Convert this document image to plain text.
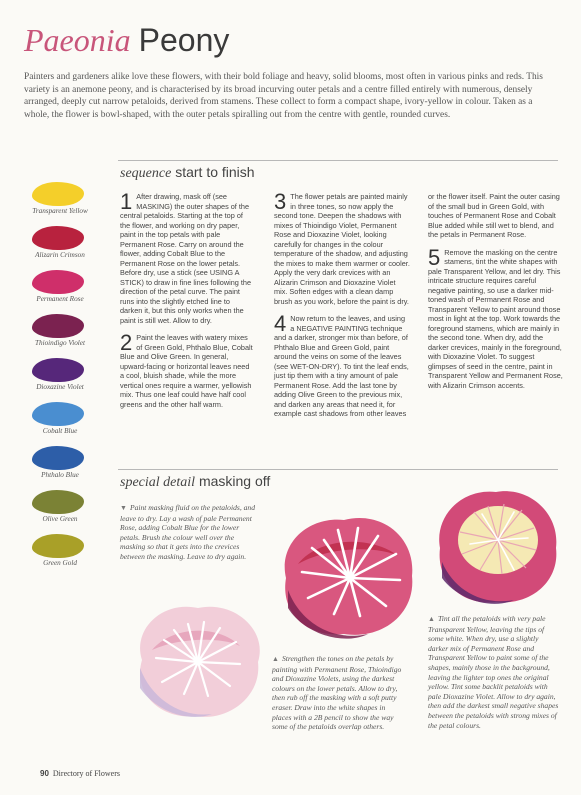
Paeonia Peony
Painters and gardeners alike love these flowers, with their bold foliage and heavy, solid blooms, most often in various pinks and reds. This variety is an anemone peony, and is characterised by its broad incurving outer petals and a centre filled entirely with numerous, densely arranged, deeply cut narrow petaloids, derived from stamens. These collect to form a compact shape, ivory-yellow in colour. Taken as a whole, the flower is bowl-shaped, with the outer petals spiralling out from the centre with gentle, rounded curves.
sequence start to finish
Transparent Yellow
Alizarin Crimson
Permanent Rose
Thioindigo Violet
Dioxazine Violet
Cobalt Blue
Phthalo Blue
Olive Green
Green Gold

1 After drawing, mask off (see MASKING) the outer shapes of the central petaloids. Starting at the top of the flower, and working on dry paper, paint in the top petals with pale Permanent Rose. Carry on around the flower, adding Cobalt Blue to the Permanent Rose on the lower petals. Before dry, use a stick (see USING A STICK) to draw in fine lines following the direction of the petal curve. The paint runs into the slightly etched line to darken it, but this only works when the paint is still wet. Allow to dry.

2 Paint the leaves with watery mixes of Green Gold, Phthalo Blue, Cobalt Blue and Olive Green. In general, upward-facing or horizontal leaves need a cool, bluish shade, while the more vertical ones require a warmer, yellowish mix. Thus one leaf could have half cool greens and the other half warm.

3 The flower petals are painted mainly in three tones, so now apply the second tone. Deepen the shadows with mixes of Thioindigo Violet, Permanent Rose and Dioxazine Violet, looking carefully for changes in the colour temperature of the shadow, and adjusting the mixes to make them warmer or cooler. Apply the very dark crevices with an Alizarin Crimson and Dioxazine Violet mix. Soften edges with a clean damp brush as you work, before the paint is dry.

4 Now return to the leaves, and using a NEGATIVE PAINTING technique and a darker, stronger mix than before, of Phthalo Blue and Green Gold, paint around the veins on some of the leaves (see WET-ON-DRY). To tint the leaf ends, just tip them with a tiny amount of pale Permanent Rose. Add the last tone by adding Olive Green to the previous mix, and darken any areas that need it, for example cast shadows from other leaves

or the flower itself. Paint the outer casing of the small bud in Green Gold, with touches of Permanent Rose and Cobalt Blue added while still wet to blend, and the petals in Permanent Rose.

5 Remove the masking on the centre stamens, tint the white shapes with pale Transparent Yellow, and let dry. This intricate structure requires careful negative painting, so use a darker mid-toned wash of Permanent Rose and Transparent Yellow to paint around those most in light at the top. Work towards the foreground stamens, which are mainly in the second tone. When dry, add the darker crevices, mainly in the foreground, with Dioxazine Violet. To suggest glimpses of seed in the centre, paint in Transparent Yellow and Permanent Rose, with Alizarin Crimson accents.

special detail masking off
▼ Paint masking fluid on the petaloids, and leave to dry. Lay a wash of pale Permanent Rose, adding Cobalt Blue for the lower petals. Brush the colour well over the masking so that it gets into the crevices between the masking. Leave to dry again.
▲ Strengthen the tones on the petals by painting with Permanent Rose, Thioindigo and Dioxazine Violets, using the darkest colours on the lower petals. Allow to dry, then rub off the masking with a soft putty eraser. Draw into the white shapes in places with a 2B pencil to show the way some of the petaloids overlap others.
▲ Tint all the petaloids with very pale Transparent Yellow, leaving the tips of some white. When dry, use a slightly darker mix of Permanent Rose and Transparent Yellow to paint some of the shapes, mainly those in the background, leaving the lighter top ones the original yellow. Tint some backlit petaloids with pale Dioxazine Violet. Allow to dry again, then add the darkest small negative shapes between the petaloids with strong mixes of the petal colours.
90 Directory of Flowers
